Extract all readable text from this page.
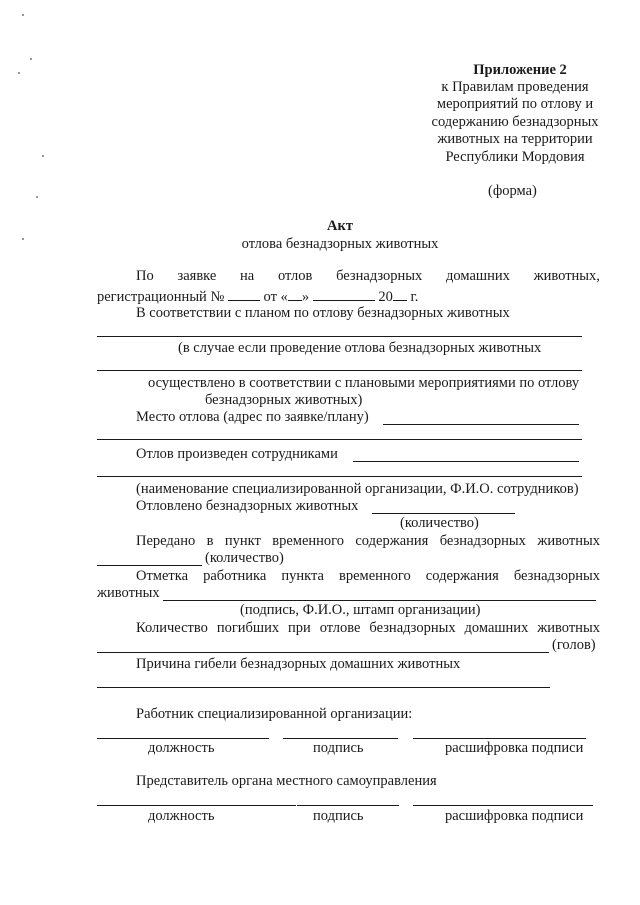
Приложение 2
к Правилам проведения
мероприятий по отлову и
содержанию безнадзорных
животных на территории
Республики Мордовия
(форма)
Акт
отлова безнадзорных животных
По заявке на отлов безнадзорных домашних животных,
регистрационный №	от « »	20 г.
В соответствии с планом по отлову безнадзорных животных
(в случае если проведение отлова безнадзорных животных
осуществлено в соответствии с плановыми мероприятиями по отлову
безнадзорных животных)
Место отлова (адрес по заявке/плану)
Отлов произведен сотрудниками
(наименование специализированной организации, Ф.И.О. сотрудников)
Отловлено безнадзорных животных
(количество)
Передано в пункт временного содержания безнадзорных животных
(количество)
Отметка работника пункта временного содержания безнадзорных
животных
(подпись, Ф.И.О., штамп организации)
Количество погибших при отлове безнадзорных домашних животных
(голов)
Причина гибели безнадзорных домашних животных
Работник специализированной организации:
должность	подпись	расшифровка подписи
Представитель органа местного самоуправления
должность	подпись	расшифровка подписи
